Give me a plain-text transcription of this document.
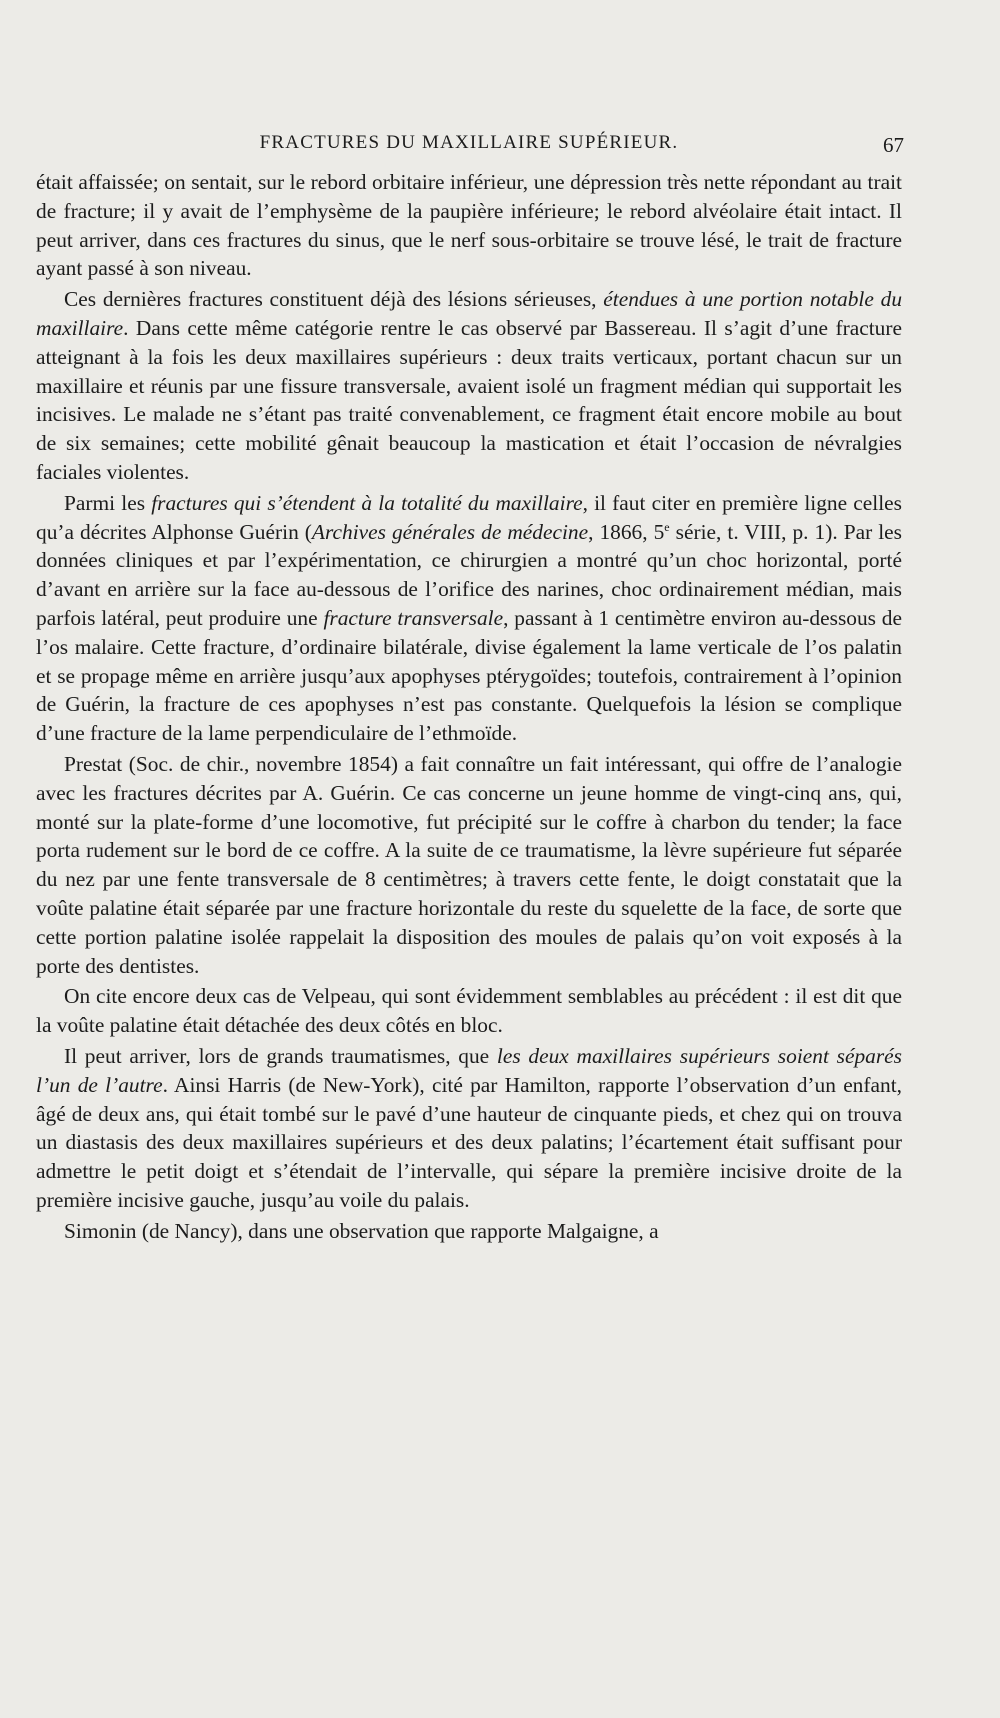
FRACTURES DU MAXILLAIRE SUPÉRIEUR.	67

était affaissée; on sentait, sur le rebord orbitaire inférieur, une dépression très nette répondant au trait de fracture; il y avait de l’emphysème de la paupière inférieure; le rebord alvéolaire était intact. Il peut arriver, dans ces fractures du sinus, que le nerf sous-orbitaire se trouve lésé, le trait de fracture ayant passé à son niveau.

Ces dernières fractures constituent déjà des lésions sérieuses, étendues à une portion notable du maxillaire. Dans cette même catégorie rentre le cas observé par Bassereau. Il s’agit d’une fracture atteignant à la fois les deux maxillaires supérieurs : deux traits verticaux, portant chacun sur un maxillaire et réunis par une fissure transversale, avaient isolé un fragment médian qui supportait les incisives. Le malade ne s’étant pas traité convenablement, ce fragment était encore mobile au bout de six semaines; cette mobilité gênait beaucoup la mastication et était l’occasion de névralgies faciales violentes.

Parmi les fractures qui s’étendent à la totalité du maxillaire, il faut citer en première ligne celles qu’a décrites Alphonse Guérin (Archives générales de médecine, 1866, 5e série, t. VIII, p. 1). Par les données cliniques et par l’expérimentation, ce chirurgien a montré qu’un choc horizontal, porté d’avant en arrière sur la face au-dessous de l’orifice des narines, choc ordinairement médian, mais parfois latéral, peut produire une fracture transversale, passant à 1 centimètre environ au-dessous de l’os malaire. Cette fracture, d’ordinaire bilatérale, divise également la lame verticale de l’os palatin et se propage même en arrière jusqu’aux apophyses ptérygoïdes; toutefois, contrairement à l’opinion de Guérin, la fracture de ces apophyses n’est pas constante. Quelquefois la lésion se complique d’une fracture de la lame perpendiculaire de l’ethmoïde.

Prestat (Soc. de chir., novembre 1854) a fait connaître un fait intéressant, qui offre de l’analogie avec les fractures décrites par A. Guérin. Ce cas concerne un jeune homme de vingt-cinq ans, qui, monté sur la plate-forme d’une locomotive, fut précipité sur le coffre à charbon du tender; la face porta rudement sur le bord de ce coffre. A la suite de ce traumatisme, la lèvre supérieure fut séparée du nez par une fente transversale de 8 centimètres; à travers cette fente, le doigt constatait que la voûte palatine était séparée par une fracture horizontale du reste du squelette de la face, de sorte que cette portion palatine isolée rappelait la disposition des moules de palais qu’on voit exposés à la porte des dentistes.

On cite encore deux cas de Velpeau, qui sont évidemment semblables au précédent : il est dit que la voûte palatine était détachée des deux côtés en bloc.

Il peut arriver, lors de grands traumatismes, que les deux maxillaires supérieurs soient séparés l’un de l’autre. Ainsi Harris (de New-York), cité par Hamilton, rapporte l’observation d’un enfant, âgé de deux ans, qui était tombé sur le pavé d’une hauteur de cinquante pieds, et chez qui on trouva un diastasis des deux maxillaires supérieurs et des deux palatins; l’écartement était suffisant pour admettre le petit doigt et s’étendait de l’intervalle, qui sépare la première incisive droite de la première incisive gauche, jusqu’au voile du palais.

Simonin (de Nancy), dans une observation que rapporte Malgaigne, a
